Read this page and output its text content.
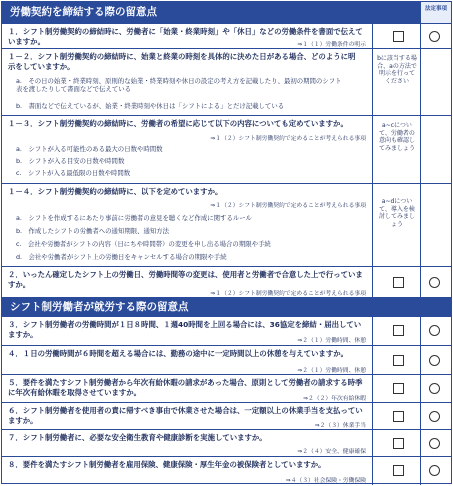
労働契約を締結する際の留意点	法定事項
１．シフト制労働契約の締結時に、労働者に「始業・終業時刻」や「休日」などの労働条件を書面で伝えていますか。	⇒１（１）労働条件の明示
１－２．シフト制労働契約の締結時に、始業と終業の時刻を具体的に決めた日がある場合、どのように明示をしていますか。
a.　その日の始業・終業時刻、原則的な始業・終業時刻や休日の設定の考え方を記載したり、最初の期間のシフト表を渡したりして書面などで伝えている
b.　書面などで伝えているが、始業・終業時刻や休日は「シフトによる」とだけ記載している
bに該当する場合、aの方法で明示を行ってください
１－３．シフト制労働契約の締結時に、労働者の希望に応じて以下の内容についても定めていますか。
⇒１（２）シフト制労働契約で定めることが考えられる事項
a.　シフトが入る可能性のある最大の日数や時間数
b.　シフトが入る目安の日数や時間数
c.　シフトが入る最低限の日数や時間数
a~cについて、労働者の意向も確認してみましょう
１－４．シフト制労働契約の締結時に、以下を定めていますか。
⇒１（２）シフト制労働契約で定めることが考えられる事項
a.　シフトを作成するにあたり事前に労働者の意見を聴くなど作成に関するルール
b.　作成したシフトの労働者への通知期限、通知方法
c.　会社や労働者がシフトの内容（日にちや時間帯）の変更を申し出る場合の期限や手続
d.　会社や労働者がシフト上の労働日をキャンセルする場合の期限や手続
a~dについて、導入を検討してみましょう
２．いったん確定したシフト上の労働日、労働時間等の変更は、使用者と労働者で合意した上で行っていますか。
⇒１（２）シフト制労働契約で定めることが考えられる事項
シフト制労働者が就労する際の留意点
３．シフト制労働者の労働時間が１日８時間、１週40時間を上回る場合には、36協定を締結・届出していますか。
⇒２（１）労働時間、休憩
４．１日の労働時間が６時間を超える場合には、勤務の途中に一定時間以上の休憩を与えていますか。
⇒２（１）労働時間、休憩
５．要件を満たすシフト制労働者から年次有給休暇の請求があった場合、原則として労働者の請求する時季に年次有給休暇を取得させていますか。
⇒２（２）年次有給休暇
６．シフト制労働者を使用者の責に帰すべき事由で休業させた場合は、一定額以上の休業手当を支払っていますか。
⇒２（３）休業手当
７．シフト制労働者に、必要な安全衛生教育や健康診断を実施していますか。
⇒２（４）安全、健康確保
８．要件を満たすシフト制労働者を雇用保険、健康保険・厚生年金の被保険者としていますか。
⇒４（３）社会保険・労働保険
